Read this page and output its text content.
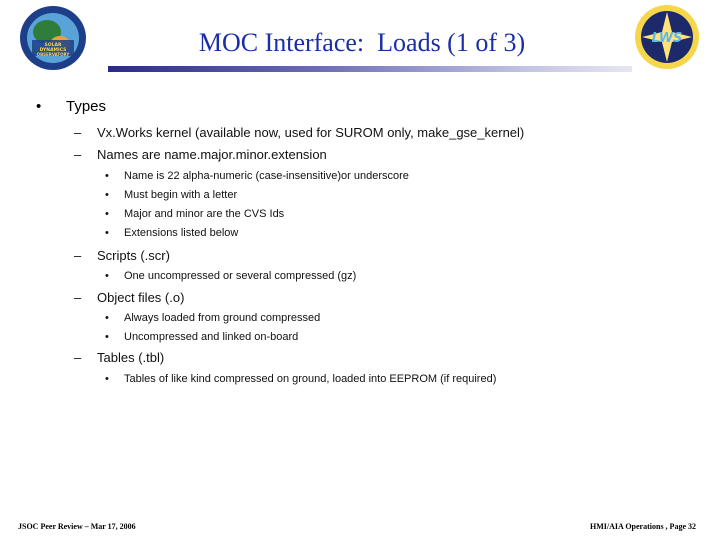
SOLAR
DYNAMICS
OBSERVATORY
LWS
MOC Interface:  Loads (1 of 3)
• Types
– Vx.Works kernel (available now, used for SUROM only, make_gse_kernel)
– Names are name.major.minor.extension
• Name is 22 alpha-numeric (case-insensitive)or underscore
• Must begin with a letter
• Major and minor are the CVS Ids
• Extensions listed below
– Scripts (.scr)
• One uncompressed or several compressed (gz)
– Object files (.o)
• Always loaded from ground compressed
• Uncompressed and linked on-board
– Tables (.tbl)
• Tables of like kind compressed on ground, loaded into EEPROM (if required)
JSOC Peer Review – Mar 17, 2006	HMI/AIA Operations , Page 32
